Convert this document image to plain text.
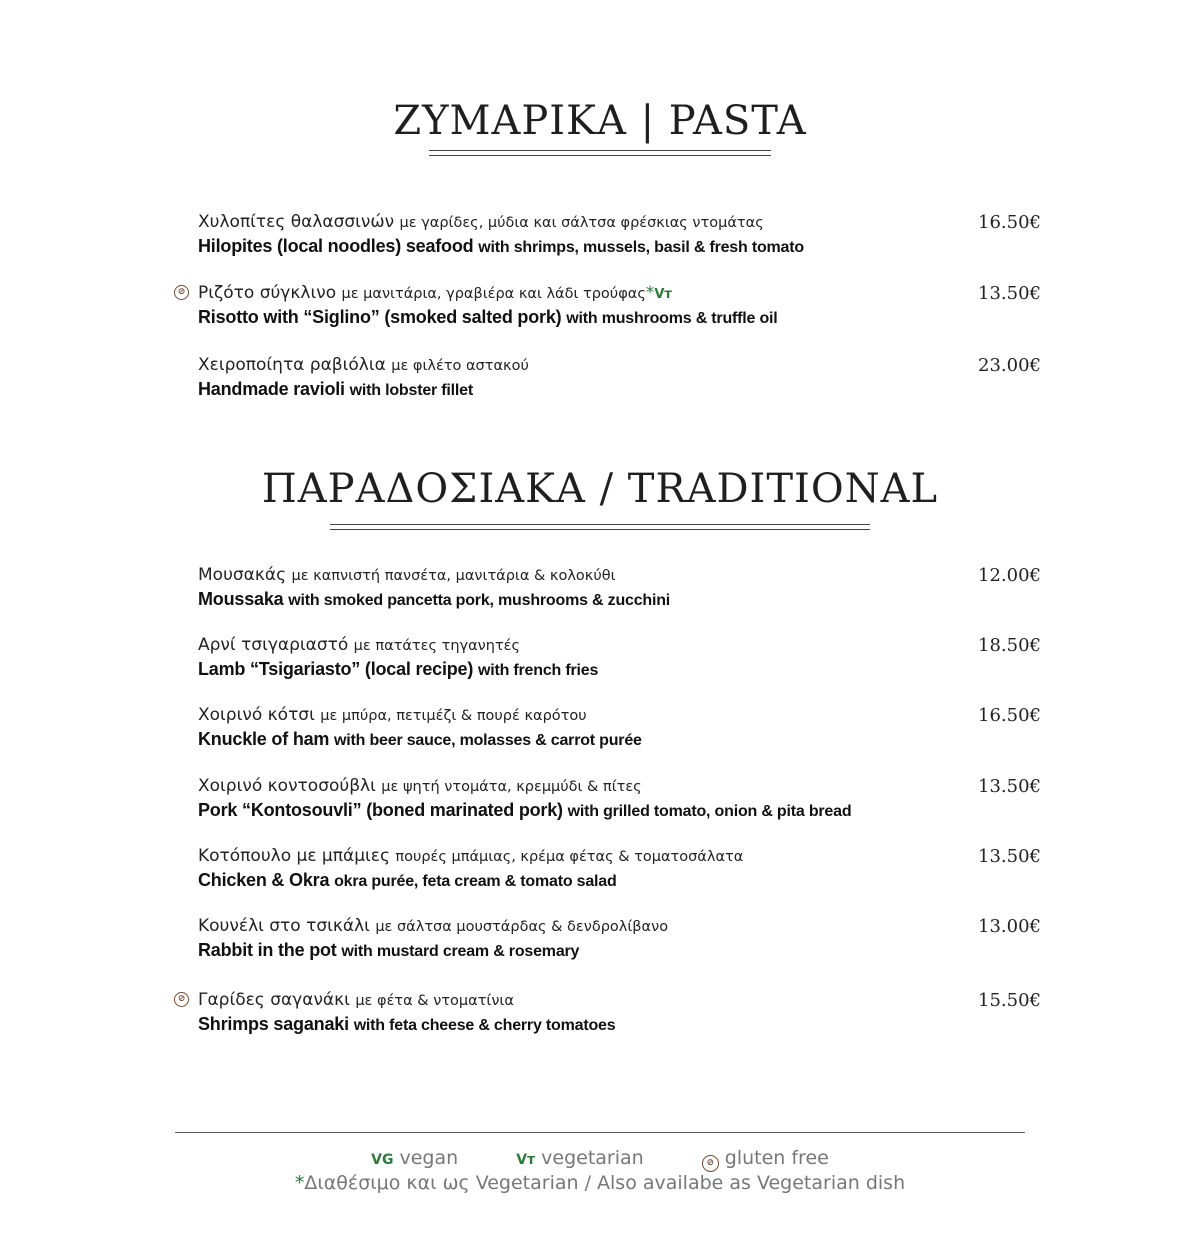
ΖΥΜΑΡΙΚΑ | PASTA
Χυλοπίτες θαλασσινών με γαρίδες, μύδια και σάλτσα φρέσκιας ντομάτας
Hilopites (local noodles) seafood with shrimps, mussels, basil & fresh tomato
16.50€
⊘ Ριζότο σύγκλινο με μανιτάρια, γραβιέρα και λάδι τρούφας*Vт
Risotto with “Siglino” (smoked salted pork) with mushrooms & truffle oil
13.50€
Χειροποίητα ραβιόλια με φιλέτο αστακού
Handmade ravioli with lobster fillet
23.00€
ΠΑΡΑΔΟΣΙΑΚΑ / TRADITIONAL
Μουσακάς με καπνιστή πανσέτα, μανιτάρια & κολοκύθι
Moussaka with smoked pancetta pork, mushrooms & zucchini
12.00€
Αρνί τσιγαριαστό με πατάτες τηγανητές
Lamb “Tsigariasto” (local recipe) with french fries
18.50€
Χοιρινό κότσι με μπύρα, πετιμέζι & πουρέ καρότου
Knuckle of ham with beer sauce, molasses & carrot purée
16.50€
Χοιρινό κοντοσούβλι με ψητή ντομάτα, κρεμμύδι & πίτες
Pork “Kontosouvli” (boned marinated pork) with grilled tomato, onion & pita bread
13.50€
Κοτόπουλο με μπάμιες πουρές μπάμιας, κρέμα φέτας & τοματοσάλατα
Chicken & Okra okra purée, feta cream & tomato salad
13.50€
Κουνέλι στο τσικάλι με σάλτσα μουστάρδας & δενδρολίβανο
Rabbit in the pot with mustard cream & rosemary
13.00€
⊘ Γαρίδες σαγανάκι με φέτα & ντοματίνια
Shrimps saganaki with feta cheese & cherry tomatoes
15.50€
VG vegan	Vт vegetarian	⊘ gluten free
*Διαθέσιμο και ως Vegetarian / Also availabe as Vegetarian dish
